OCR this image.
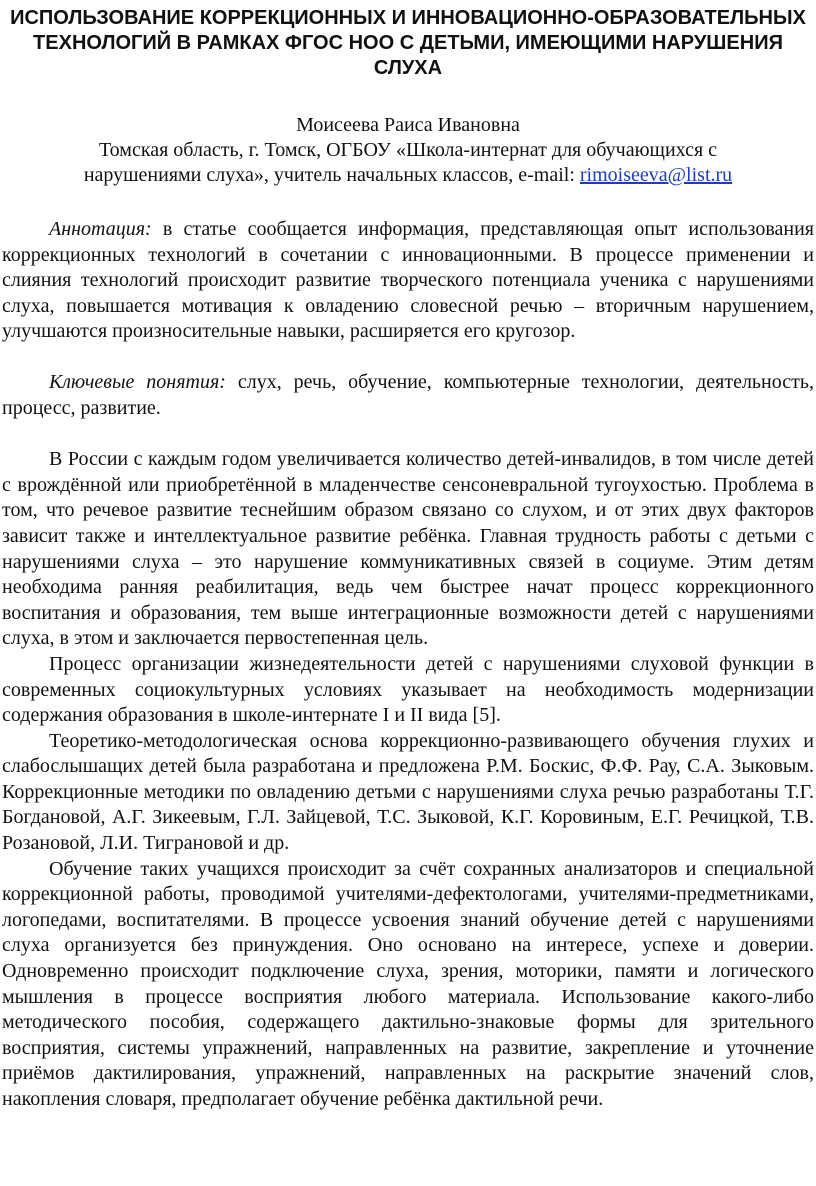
ИСПОЛЬЗОВАНИЕ КОРРЕКЦИОННЫХ И ИННОВАЦИОННО-ОБРАЗОВАТЕЛЬНЫХ ТЕХНОЛОГИЙ В РАМКАХ ФГОС НОО С ДЕТЬМИ, ИМЕЮЩИМИ НАРУШЕНИЯ СЛУХА
Моисеева Раиса Ивановна
Томская область, г. Томск, ОГБОУ «Школа-интернат для обучающихся с
нарушениями слуха», учитель начальных классов, e-mail: rimoiseeva@list.ru

Аннотация: в статье сообщается информация, представляющая опыт использования коррекционных технологий в сочетании с инновационными. В процессе применении и слияния технологий происходит развитие творческого потенциала ученика с нарушениями слуха, повышается мотивация к овладению словесной речью – вторичным нарушением, улучшаются произносительные навыки, расширяется его кругозор.

Ключевые понятия: слух, речь, обучение, компьютерные технологии, деятельность, процесс, развитие.

В России с каждым годом увеличивается количество детей-инвалидов, в том числе детей с врождённой или приобретённой в младенчестве сенсоневральной тугоухостью. Проблема в том, что речевое развитие теснейшим образом связано со слухом, и от этих двух факторов зависит также и интеллектуальное развитие ребёнка. Главная трудность работы с детьми с нарушениями слуха – это нарушение коммуникативных связей в социуме. Этим детям необходима ранняя реабилитация, ведь чем быстрее начат процесс коррекционного воспитания и образования, тем выше интеграционные возможности детей с нарушениями слуха, в этом и заключается первостепенная цель.

Процесс организации жизнедеятельности детей с нарушениями слуховой функции в современных социокультурных условиях указывает на необходимость модернизации содержания образования в школе-интернате I и II вида [5].

Теоретико-методологическая основа коррекционно-развивающего обучения глухих и слабослышащих детей была разработана и предложена Р.М. Боскис, Ф.Ф. Рау, С.А. Зыковым. Коррекционные методики по овладению детьми с нарушениями слуха речью разработаны Т.Г. Богдановой, А.Г. Зикеевым, Г.Л. Зайцевой, Т.С. Зыковой, К.Г. Коровиным, Е.Г. Речицкой, Т.В. Розановой, Л.И. Тиграновой и др.

Обучение таких учащихся происходит за счёт сохранных анализаторов и специальной коррекционной работы, проводимой учителями-дефектологами, учителями-предметниками, логопедами, воспитателями. В процессе усвоения знаний обучение детей с нарушениями слуха организуется без принуждения. Оно основано на интересе, успехе и доверии. Одновременно происходит подключение слуха, зрения, моторики, памяти и логического мышления в процессе восприятия любого материала. Использование какого-либо методического пособия, содержащего дактильно-знаковые формы для зрительного восприятия, системы упражнений, направленных на развитие, закрепление и уточнение приёмов дактилирования, упражнений, направленных на раскрытие значений слов, накопления словаря, предполагает обучение ребёнка дактильной речи.
